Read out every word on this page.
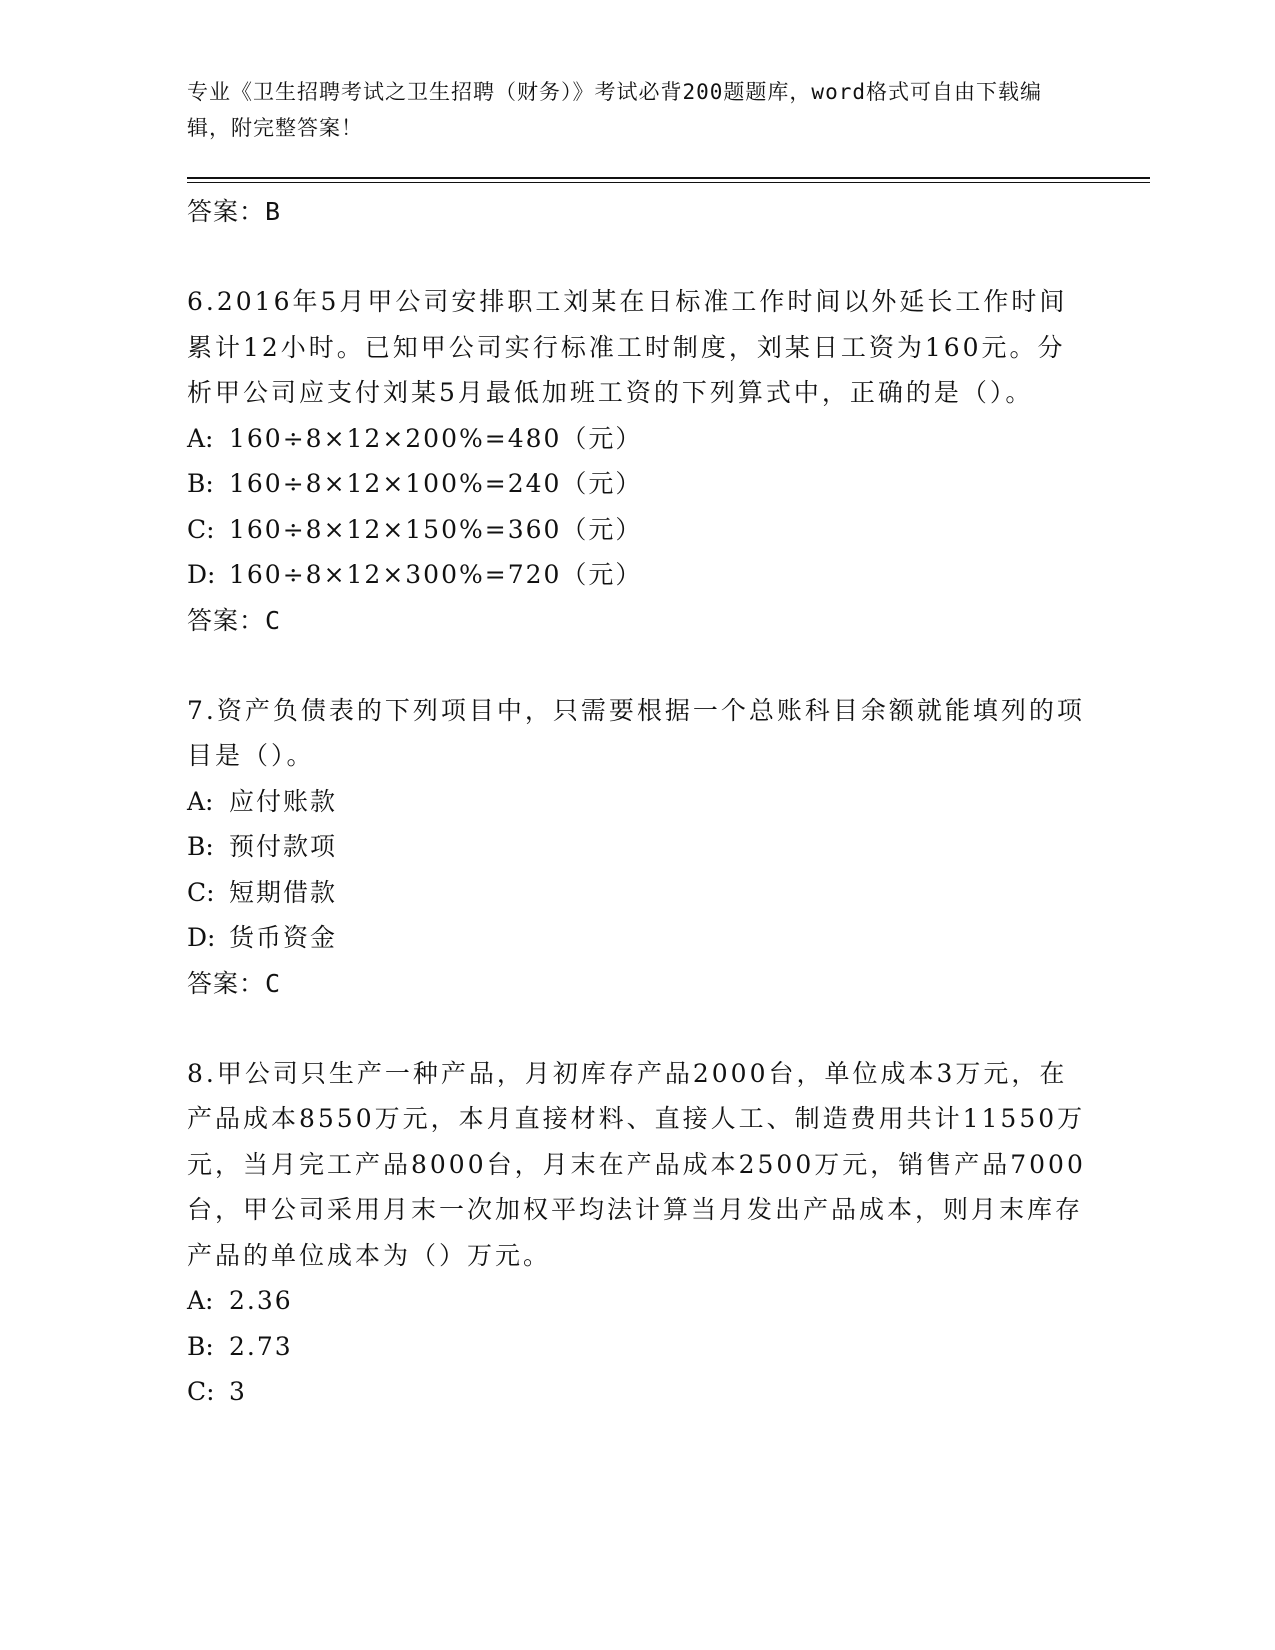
专业《卫生招聘考试之卫生招聘（财务）》考试必背200题题库，word格式可自由下载编辑，附完整答案！
答案：B
6.2016年5月甲公司安排职工刘某在日标准工作时间以外延长工作时间累计12小时。已知甲公司实行标准工时制度，刘某日工资为160元。分析甲公司应支付刘某5月最低加班工资的下列算式中，正确的是（）。
A: 160÷8×12×200%=480（元）
B: 160÷8×12×100%=240（元）
C: 160÷8×12×150%=360（元）
D: 160÷8×12×300%=720（元）
答案：C
7.资产负债表的下列项目中，只需要根据一个总账科目余额就能填列的项目是（）。
A: 应付账款
B: 预付款项
C: 短期借款
D: 货币资金
答案：C
8.甲公司只生产一种产品，月初库存产品2000台，单位成本3万元，在产品成本8550万元，本月直接材料、直接人工、制造费用共计11550万元，当月完工产品8000台，月末在产品成本2500万元，销售产品7000台，甲公司采用月末一次加权平均法计算当月发出产品成本，则月末库存产品的单位成本为（）万元。
A: 2.36
B: 2.73
C: 3
